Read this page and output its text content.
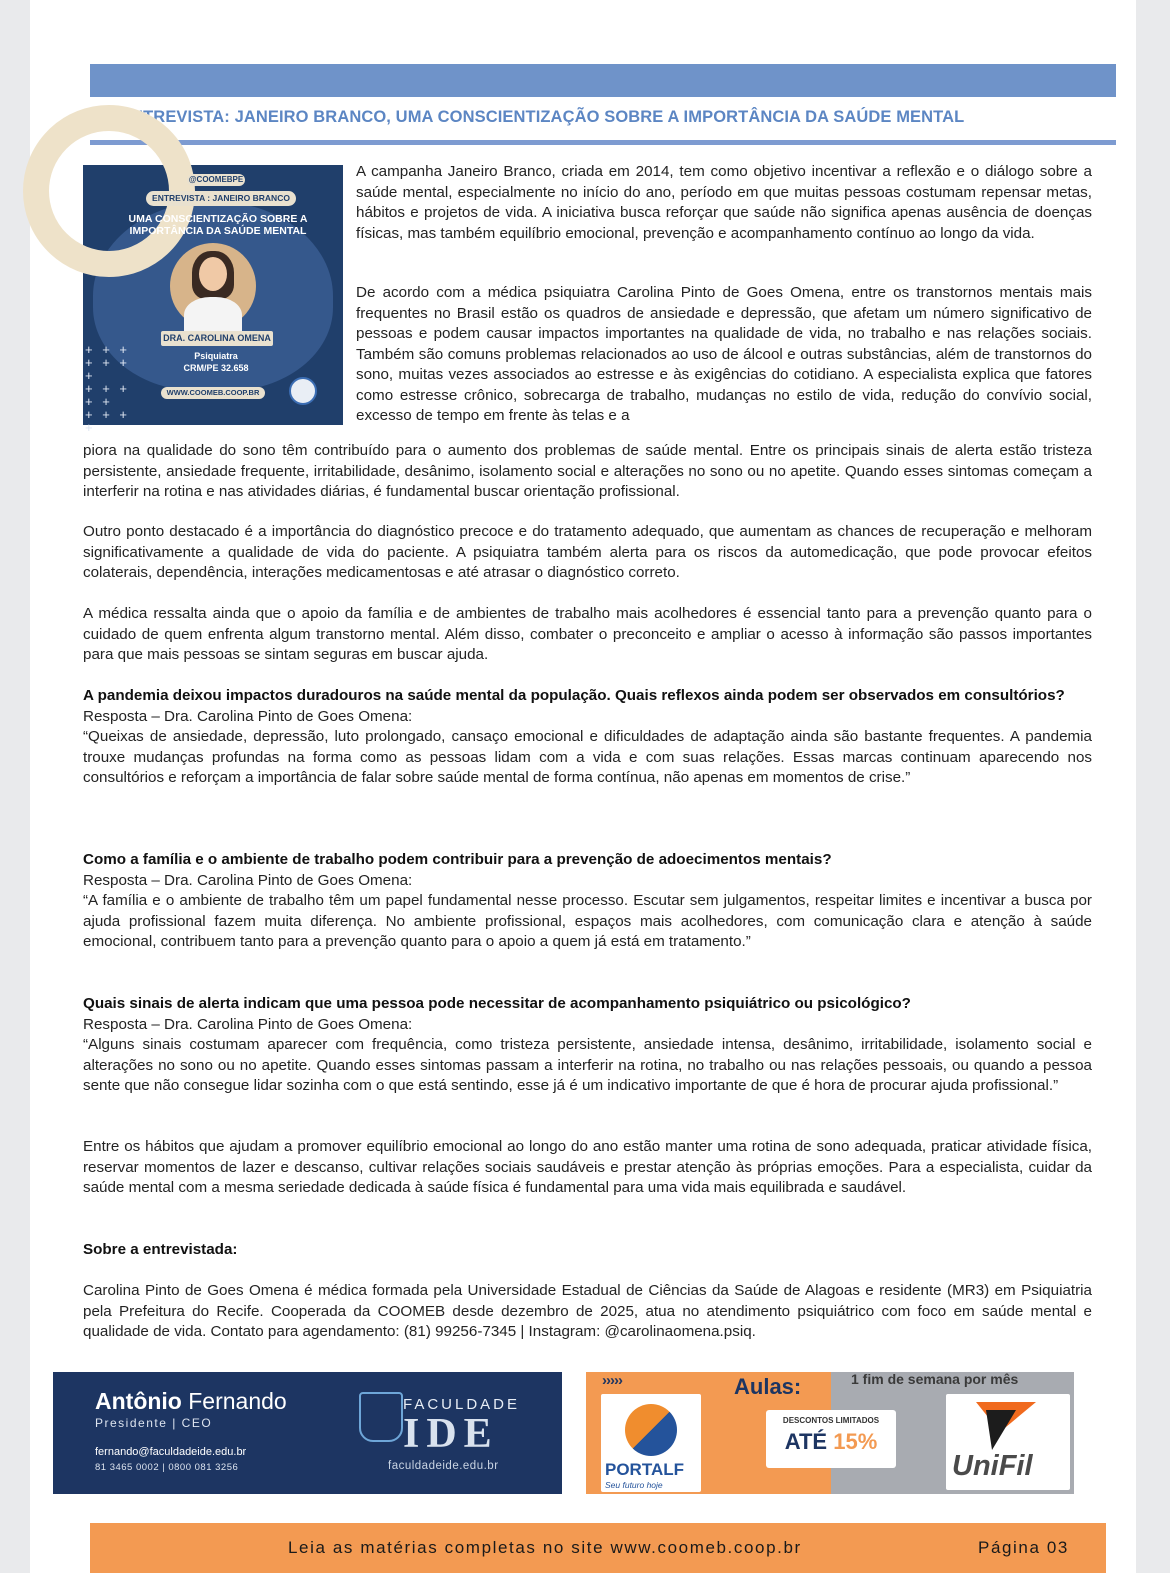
ENTREVISTA: JANEIRO BRANCO, UMA CONSCIENTIZAÇÃO SOBRE A IMPORTÂNCIA DA SAÚDE MENTAL
@COOMEBPE
ENTREVISTA : JANEIRO BRANCO
UMA CONSCIENTIZAÇÃO SOBRE A IMPORTÂNCIA DA SAÚDE MENTAL
DRA. CAROLINA OMENA
Psiquiatra
CRM/PE 32.658
WWW.COOMEB.COOP.BR
+ + +
+ + + +
+ + + + +
+ + + +

A campanha Janeiro Branco, criada em 2014, tem como objetivo incentivar a reflexão e o diálogo sobre a saúde mental, especialmente no início do ano, período em que muitas pessoas costumam repensar metas, hábitos e projetos de vida. A iniciativa busca reforçar que saúde não significa apenas ausência de doenças físicas, mas também equilíbrio emocional, prevenção e acompanhamento contínuo ao longo da vida.

De acordo com a médica psiquiatra Carolina Pinto de Goes Omena, entre os transtornos mentais mais frequentes no Brasil estão os quadros de ansiedade e depressão, que afetam um número significativo de pessoas e podem causar impactos importantes na qualidade de vida, no trabalho e nas relações sociais. Também são comuns problemas relacionados ao uso de álcool e outras substâncias, além de transtornos do sono, muitas vezes associados ao estresse e às exigências do cotidiano. A especialista explica que fatores como estresse crônico, sobrecarga de trabalho, mudanças no estilo de vida, redução do convívio social, excesso de tempo em frente às telas e a

piora na qualidade do sono têm contribuído para o aumento dos problemas de saúde mental. Entre os principais sinais de alerta estão tristeza persistente, ansiedade frequente, irritabilidade, desânimo, isolamento social e alterações no sono ou no apetite. Quando esses sintomas começam a interferir na rotina e nas atividades diárias, é fundamental buscar orientação profissional.

Outro ponto destacado é a importância do diagnóstico precoce e do tratamento adequado, que aumentam as chances de recuperação e melhoram significativamente a qualidade de vida do paciente. A psiquiatra também alerta para os riscos da automedicação, que pode provocar efeitos colaterais, dependência, interações medicamentosas e até atrasar o diagnóstico correto.

A médica ressalta ainda que o apoio da família e de ambientes de trabalho mais acolhedores é essencial tanto para a prevenção quanto para o cuidado de quem enfrenta algum transtorno mental. Além disso, combater o preconceito e ampliar o acesso à informação são passos importantes para que mais pessoas se sintam seguras em buscar ajuda.

A pandemia deixou impactos duradouros na saúde mental da população. Quais reflexos ainda podem ser observados em consultórios?
Resposta – Dra. Carolina Pinto de Goes Omena:
“Queixas de ansiedade, depressão, luto prolongado, cansaço emocional e dificuldades de adaptação ainda são bastante frequentes. A pandemia trouxe mudanças profundas na forma como as pessoas lidam com a vida e com suas relações. Essas marcas continuam aparecendo nos consultórios e reforçam a importância de falar sobre saúde mental de forma contínua, não apenas em momentos de crise.”
Como a família e o ambiente de trabalho podem contribuir para a prevenção de adoecimentos mentais?
Resposta – Dra. Carolina Pinto de Goes Omena:
“A família e o ambiente de trabalho têm um papel fundamental nesse processo. Escutar sem julgamentos, respeitar limites e incentivar a busca por ajuda profissional fazem muita diferença. No ambiente profissional, espaços mais acolhedores, com comunicação clara e atenção à saúde emocional, contribuem tanto para a prevenção quanto para o apoio a quem já está em tratamento.”
Quais sinais de alerta indicam que uma pessoa pode necessitar de acompanhamento psiquiátrico ou psicológico?
Resposta – Dra. Carolina Pinto de Goes Omena:
“Alguns sinais costumam aparecer com frequência, como tristeza persistente, ansiedade intensa, desânimo, irritabilidade, isolamento social e alterações no sono ou no apetite. Quando esses sintomas passam a interferir na rotina, no trabalho ou nas relações pessoais, ou quando a pessoa sente que não consegue lidar sozinha com o que está sentindo, esse já é um indicativo importante de que é hora de procurar ajuda profissional.”

Entre os hábitos que ajudam a promover equilíbrio emocional ao longo do ano estão manter uma rotina de sono adequada, praticar atividade física, reservar momentos de lazer e descanso, cultivar relações sociais saudáveis e prestar atenção às próprias emoções. Para a especialista, cuidar da saúde mental com a mesma seriedade dedicada à saúde física é fundamental para uma vida mais equilibrada e saudável.

Sobre a entrevistada:

Carolina Pinto de Goes Omena é médica formada pela Universidade Estadual de Ciências da Saúde de Alagoas e residente (MR3) em Psiquiatria pela Prefeitura do Recife. Cooperada da COOMEB desde dezembro de 2025, atua no atendimento psiquiátrico com foco em saúde mental e qualidade de vida. Contato para agendamento: (81) 99256-7345 | Instagram: @carolinaomena.psiq.

Antônio Fernando
Presidente | CEO
fernando@faculdadeide.edu.br
81 3465 0002 | 0800 081 3256
FACULDADE
IDE
faculdadeide.edu.br
›››››	Aulas:	1 fim de semana por mês
PORTALF
Seu futuro hoje
DESCONTOS LIMITADOS
ATÉ 15%
UniFil
Leia as matérias completas no site www.coomeb.coop.br	Página 03
